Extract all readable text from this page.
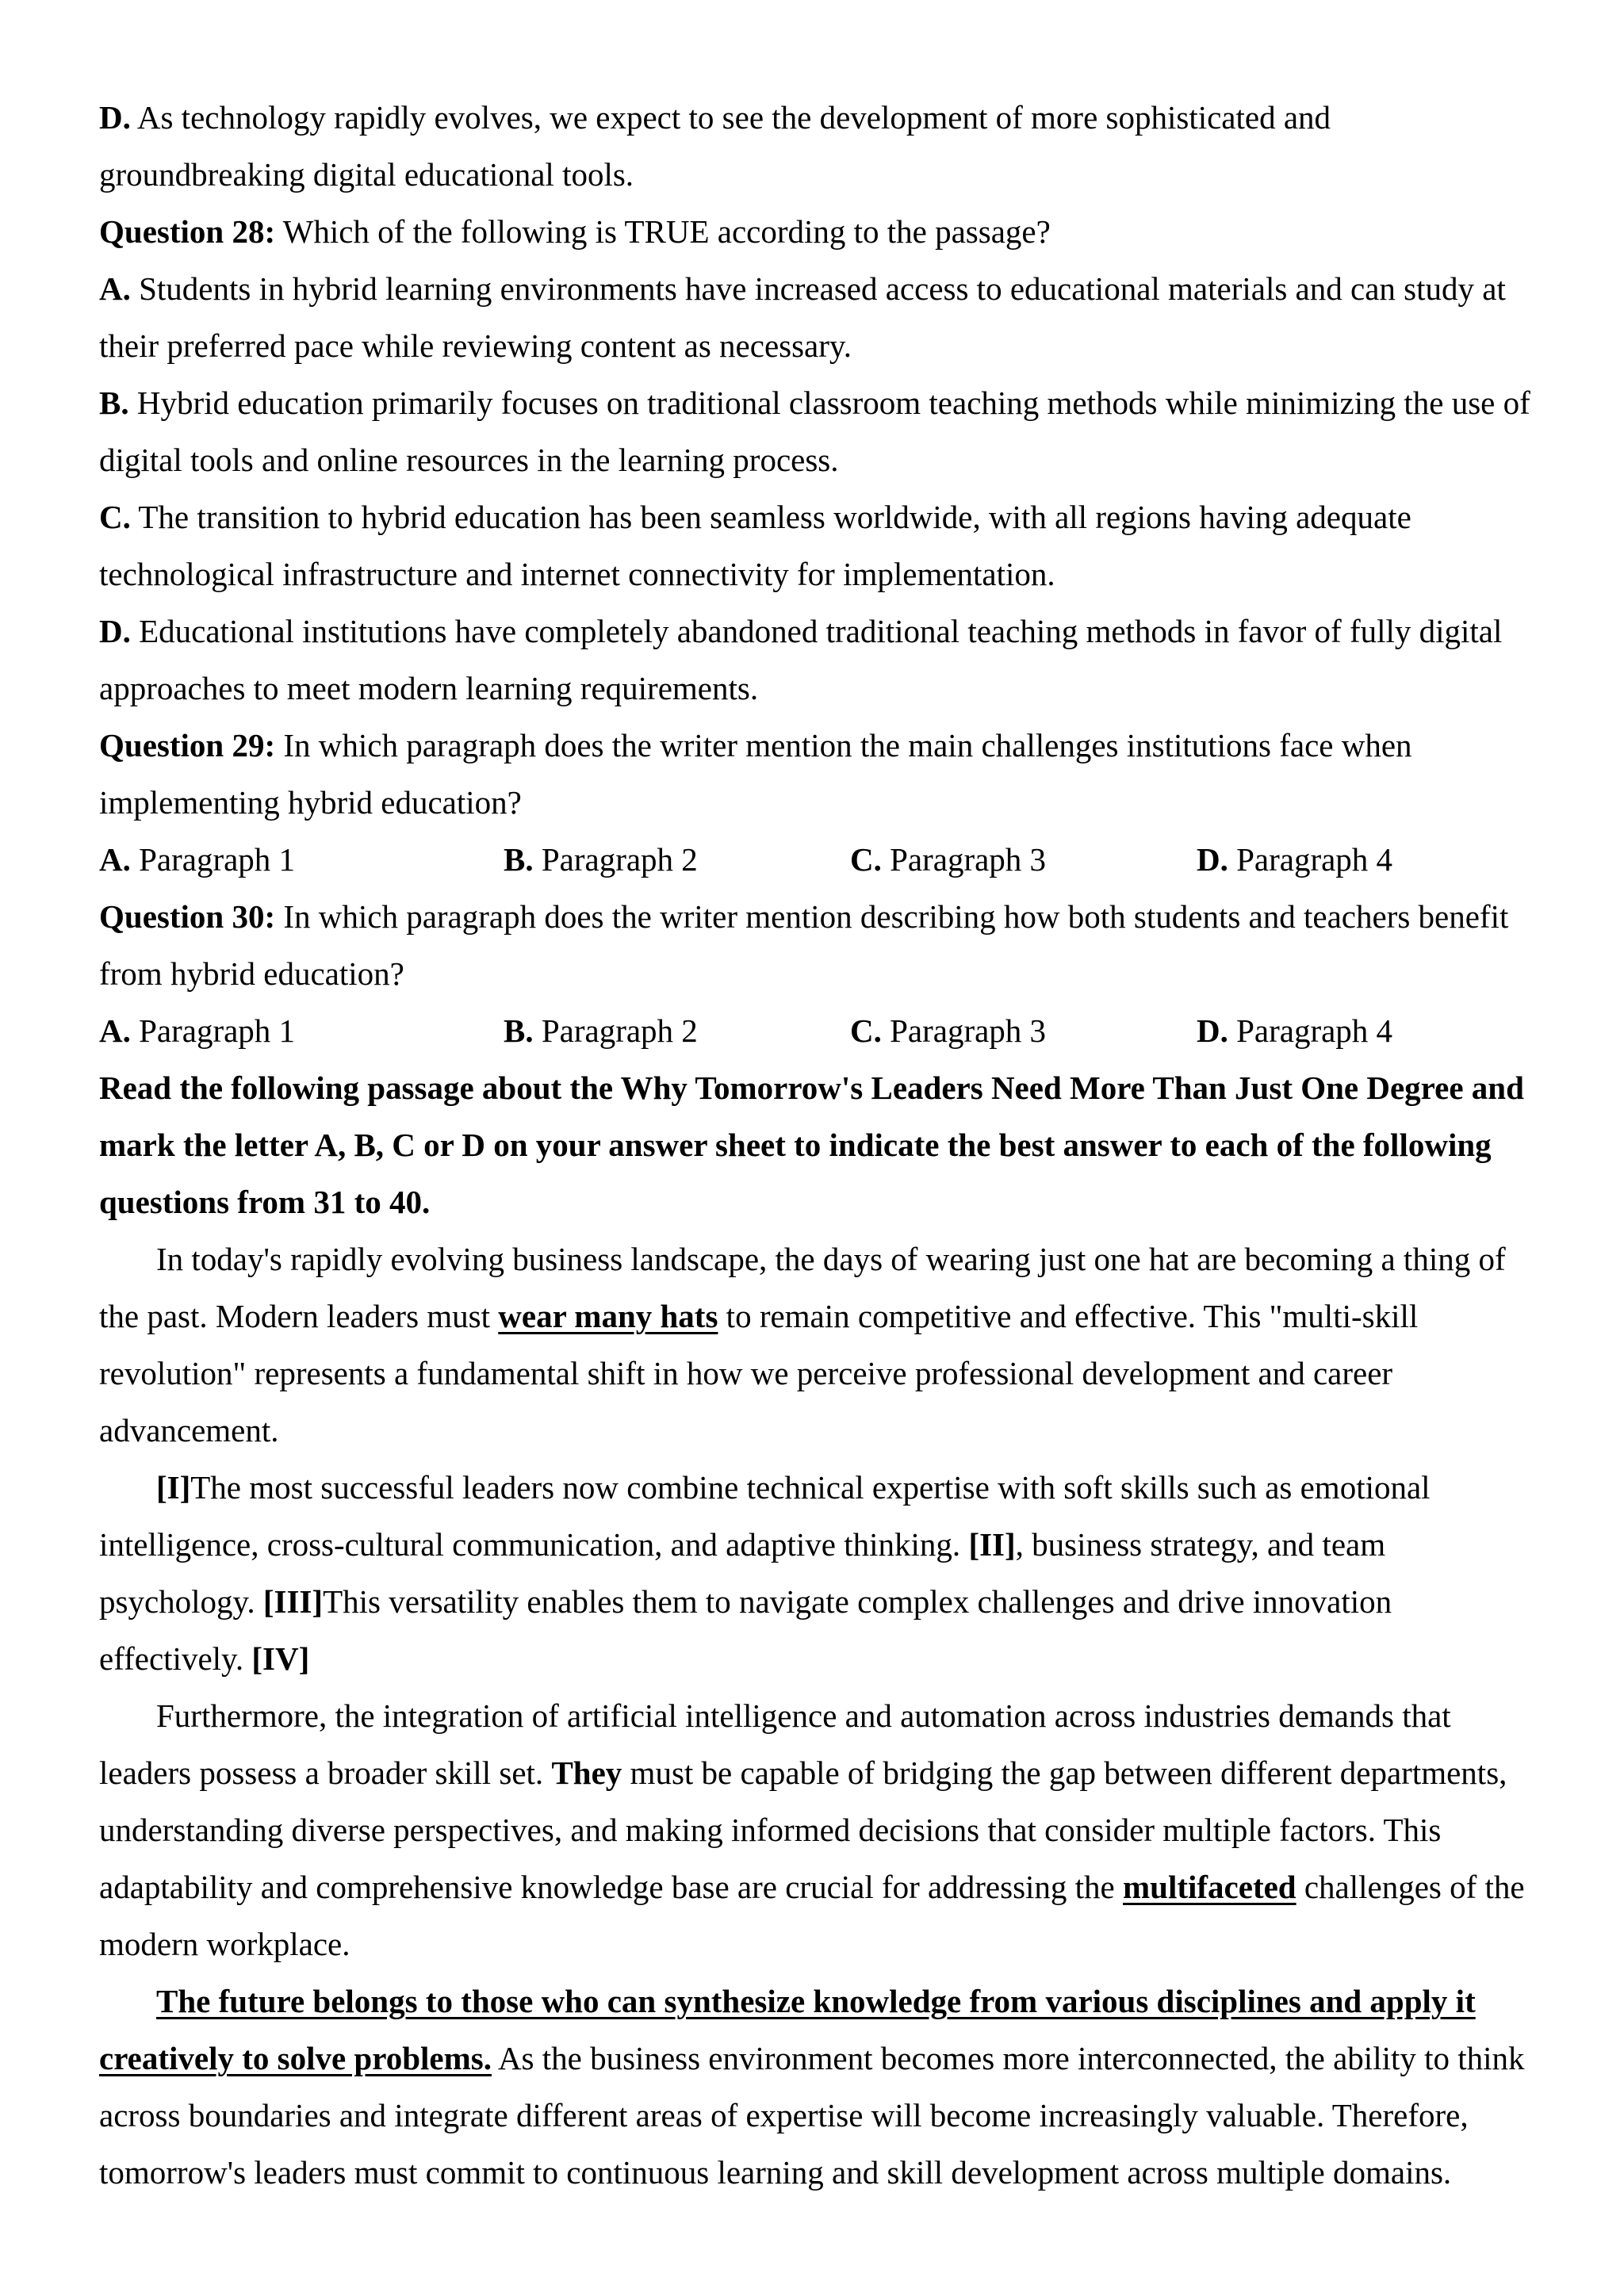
D. As technology rapidly evolves, we expect to see the development of more sophisticated and
groundbreaking digital educational tools.
Question 28: Which of the following is TRUE according to the passage?
A. Students in hybrid learning environments have increased access to educational materials and can study at
their preferred pace while reviewing content as necessary.
B. Hybrid education primarily focuses on traditional classroom teaching methods while minimizing the use of
digital tools and online resources in the learning process.
C. The transition to hybrid education has been seamless worldwide, with all regions having adequate
technological infrastructure and internet connectivity for implementation.
D. Educational institutions have completely abandoned traditional teaching methods in favor of fully digital
approaches to meet modern learning requirements.
Question 29: In which paragraph does the writer mention the main challenges institutions face when
implementing hybrid education?
A. Paragraph 1	B. Paragraph 2	C. Paragraph 3	D. Paragraph 4
Question 30: In which paragraph does the writer mention describing how both students and teachers benefit
from hybrid education?
A. Paragraph 1	B. Paragraph 2	C. Paragraph 3	D. Paragraph 4
Read the following passage about the Why Tomorrow's Leaders Need More Than Just One Degree and
mark the letter A, B, C or D on your answer sheet to indicate the best answer to each of the following
questions from 31 to 40.
In today's rapidly evolving business landscape, the days of wearing just one hat are becoming a thing of
the past. Modern leaders must wear many hats to remain competitive and effective. This "multi-skill
revolution" represents a fundamental shift in how we perceive professional development and career
advancement.
[I]The most successful leaders now combine technical expertise with soft skills such as emotional
intelligence, cross-cultural communication, and adaptive thinking. [II], business strategy, and team
psychology. [III]This versatility enables them to navigate complex challenges and drive innovation
effectively. [IV]
Furthermore, the integration of artificial intelligence and automation across industries demands that
leaders possess a broader skill set. They must be capable of bridging the gap between different departments,
understanding diverse perspectives, and making informed decisions that consider multiple factors. This
adaptability and comprehensive knowledge base are crucial for addressing the multifaceted challenges of the
modern workplace.
The future belongs to those who can synthesize knowledge from various disciplines and apply it
creatively to solve problems. As the business environment becomes more interconnected, the ability to think
across boundaries and integrate different areas of expertise will become increasingly valuable. Therefore,
tomorrow's leaders must commit to continuous learning and skill development across multiple domains.
